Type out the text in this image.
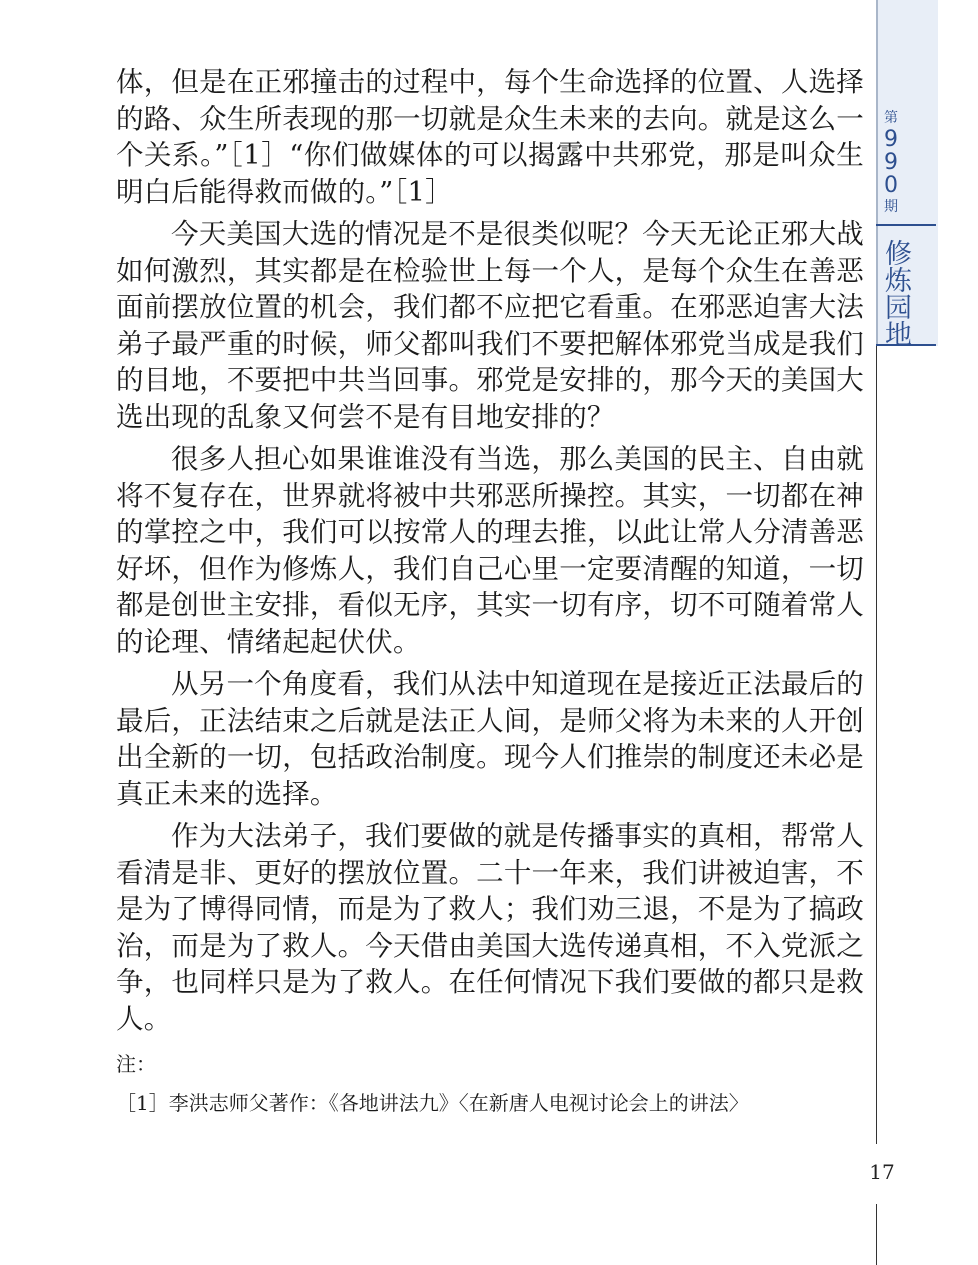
第
9
9
0
期
修炼园地

体，但是在正邪撞击的过程中，每个生命选择的位置、人选择的路、众生所表现的那一切就是众生未来的去向。就是这么一个关系。”［1］“你们做媒体的可以揭露中共邪党，那是叫众生明白后能得救而做的。”［1］

今天美国大选的情况是不是很类似呢？今天无论正邪大战如何激烈，其实都是在检验世上每一个人，是每个众生在善恶面前摆放位置的机会，我们都不应把它看重。在邪恶迫害大法弟子最严重的时候，师父都叫我们不要把解体邪党当成是我们的目地，不要把中共当回事。邪党是安排的，那今天的美国大选出现的乱象又何尝不是有目地安排的？

很多人担心如果谁谁没有当选，那么美国的民主、自由就将不复存在，世界就将被中共邪恶所操控。其实，一切都在神的掌控之中，我们可以按常人的理去推，以此让常人分清善恶好坏，但作为修炼人，我们自己心里一定要清醒的知道，一切都是创世主安排，看似无序，其实一切有序，切不可随着常人的论理、情绪起起伏伏。

从另一个角度看，我们从法中知道现在是接近正法最后的最后，正法结束之后就是法正人间，是师父将为未来的人开创出全新的一切，包括政治制度。现今人们推崇的制度还未必是真正未来的选择。

作为大法弟子，我们要做的就是传播事实的真相，帮常人看清是非、更好的摆放位置。二十一年来，我们讲被迫害，不是为了博得同情，而是为了救人；我们劝三退，不是为了搞政治，而是为了救人。今天借由美国大选传递真相，不入党派之争，也同样只是为了救人。在任何情况下我们要做的都只是救人。

注：
［1］李洪志师父著作：《各地讲法九》〈在新唐人电视讨论会上的讲法〉
17
